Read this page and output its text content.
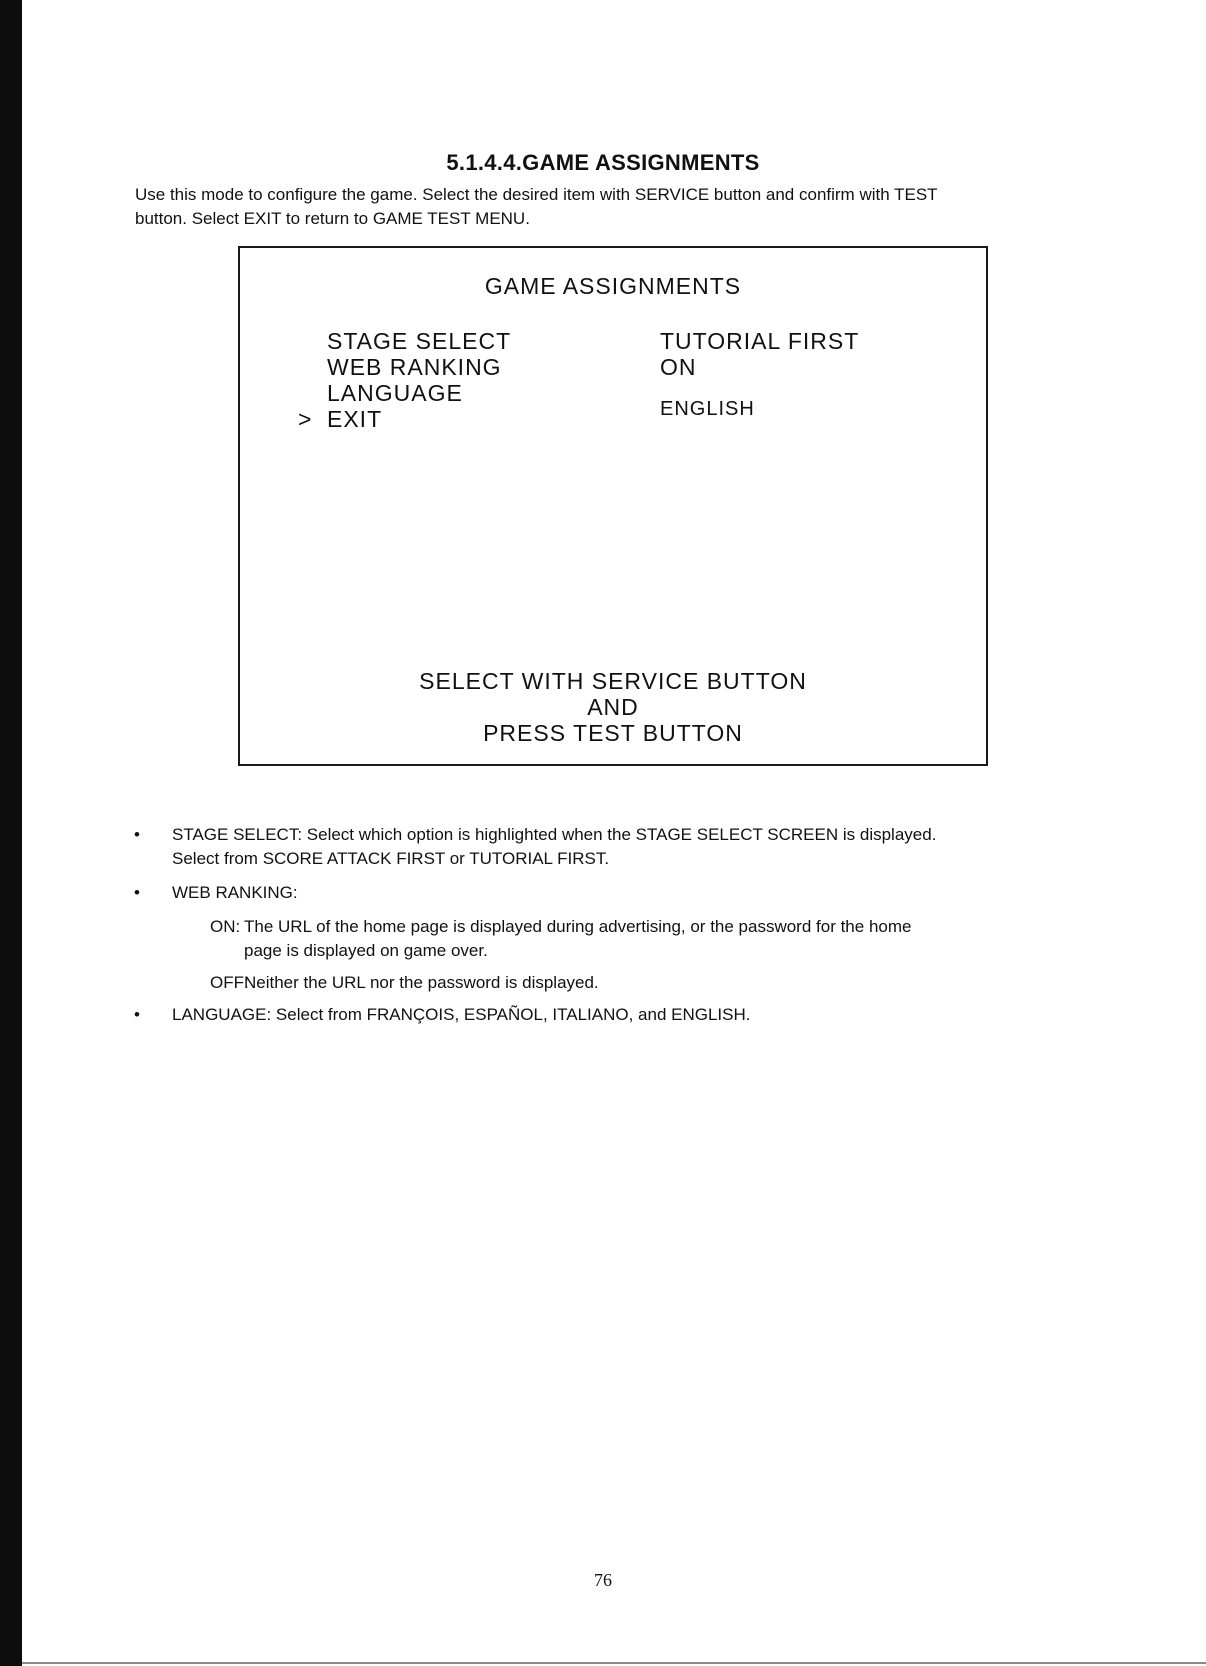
5.1.4.4.GAME ASSIGNMENTS
Use this mode to configure the game. Select the desired item with SERVICE button and confirm with TEST
button. Select EXIT to return to GAME TEST MENU.
GAME ASSIGNMENTS
STAGE SELECT	TUTORIAL FIRST
WEB RANKING	ON
LANGUAGE
ENGLISH
> EXIT
SELECT WITH SERVICE BUTTON
AND
PRESS TEST BUTTON
• STAGE SELECT: Select which option is highlighted when the STAGE SELECT SCREEN is displayed.
Select from SCORE ATTACK FIRST or TUTORIAL FIRST.
• WEB RANKING:
ON: The URL of the home page is displayed during advertising, or the password for the home
page is displayed on game over.
OFF:
Neither the URL nor the password is displayed.
• LANGUAGE: Select from FRANÇOIS, ESPAÑOL, ITALIANO, and ENGLISH.
76
